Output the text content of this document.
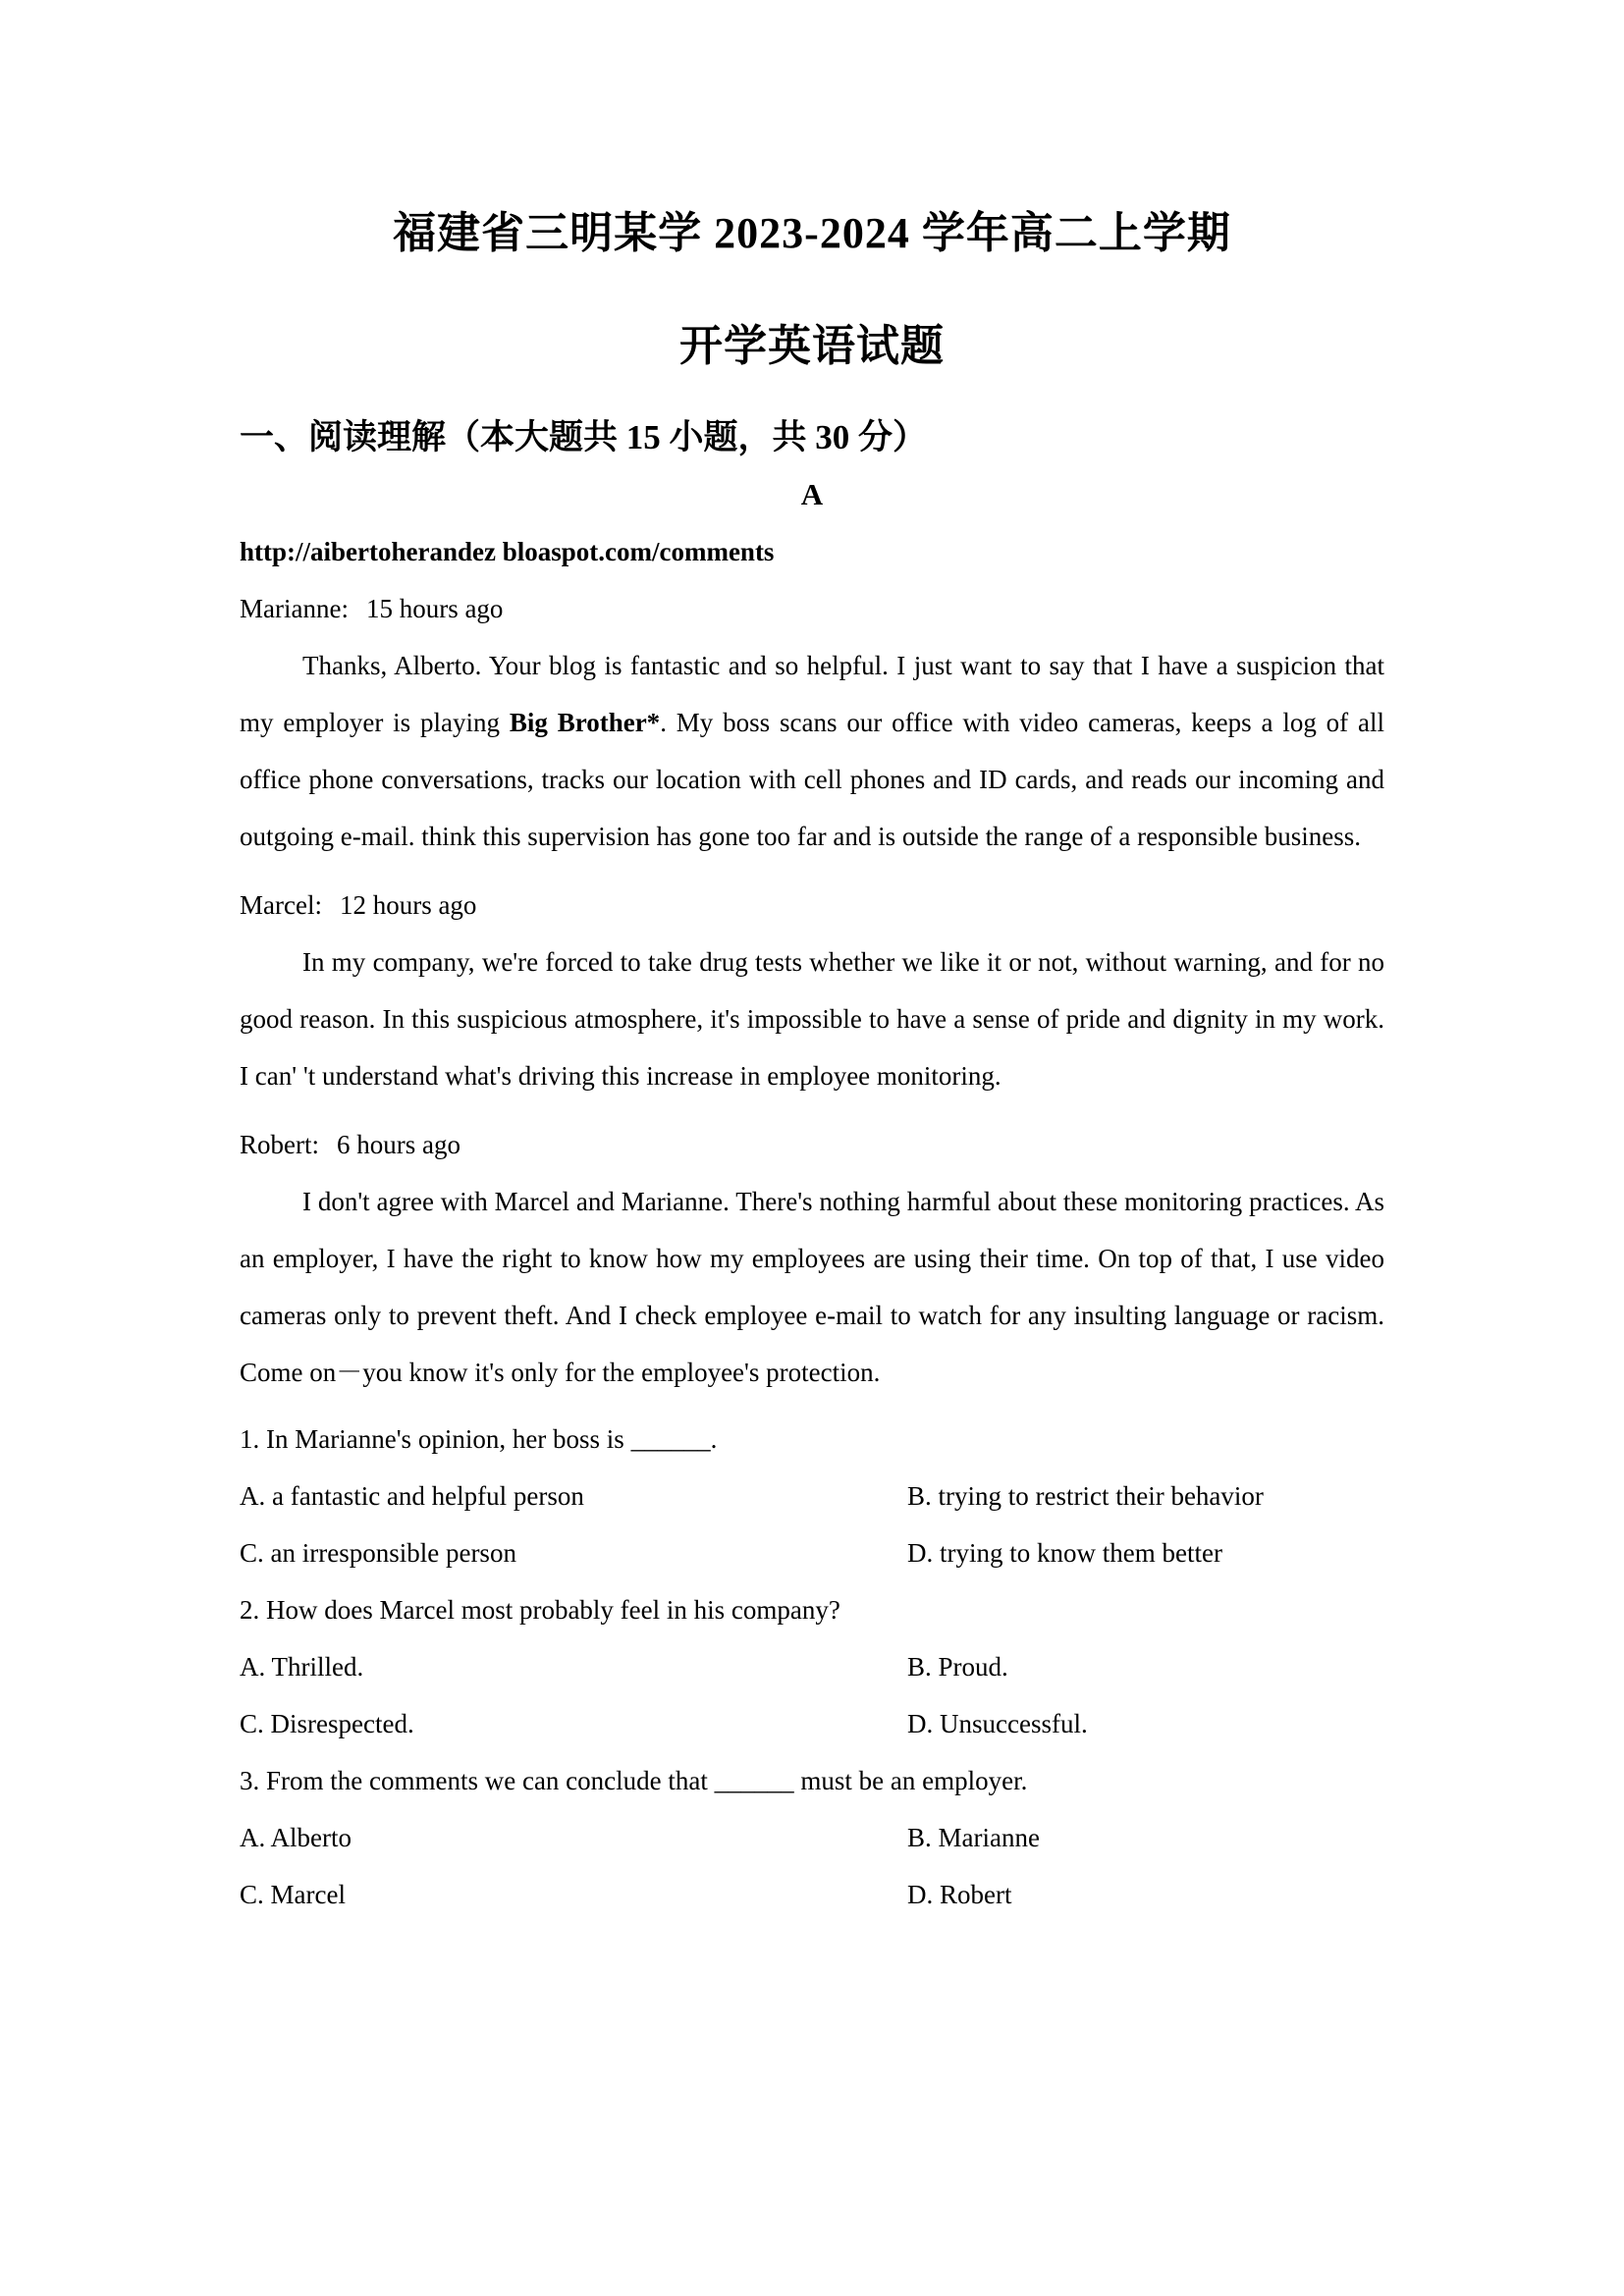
福建省三明某学 2023-2024 学年高二上学期
开学英语试题
一、阅读理解（本大题共 15 小题，共 30 分）
A
http://aibertoherandez bloaspot.com/comments
Marianne: 15 hours ago

Thanks, Alberto. Your blog is fantastic and so helpful. I just want to say that I have a suspicion that my employer is playing Big Brother*. My boss scans our office with video cameras, keeps a log of all office phone conversations, tracks our location with cell phones and ID cards, and reads our incoming and outgoing e-mail. think this supervision has gone too far and is outside the range of a responsible business.

Marcel: 12 hours ago

In my company, we're forced to take drug tests whether we like it or not, without warning, and for no good reason. In this suspicious atmosphere, it's impossible to have a sense of pride and dignity in my work. I can' 't understand what's driving this increase in employee monitoring.

Robert: 6 hours ago

I don't agree with Marcel and Marianne. There's nothing harmful about these monitoring practices. As an employer, I have the right to know how my employees are using their time. On top of that, I use video cameras only to prevent theft. And I check employee e-mail to watch for any insulting language or racism. Come on－you know it's only for the employee's protection.

1. In Marianne's opinion, her boss is ______.
A. a fantastic and helpful person	B. trying to restrict their behavior
C. an irresponsible person	D. trying to know them better
2. How does Marcel most probably feel in his company?
A. Thrilled.	B. Proud.
C. Disrespected.	D. Unsuccessful.
3. From the comments we can conclude that ______ must be an employer.
A. Alberto	B. Marianne
C. Marcel	D. Robert
